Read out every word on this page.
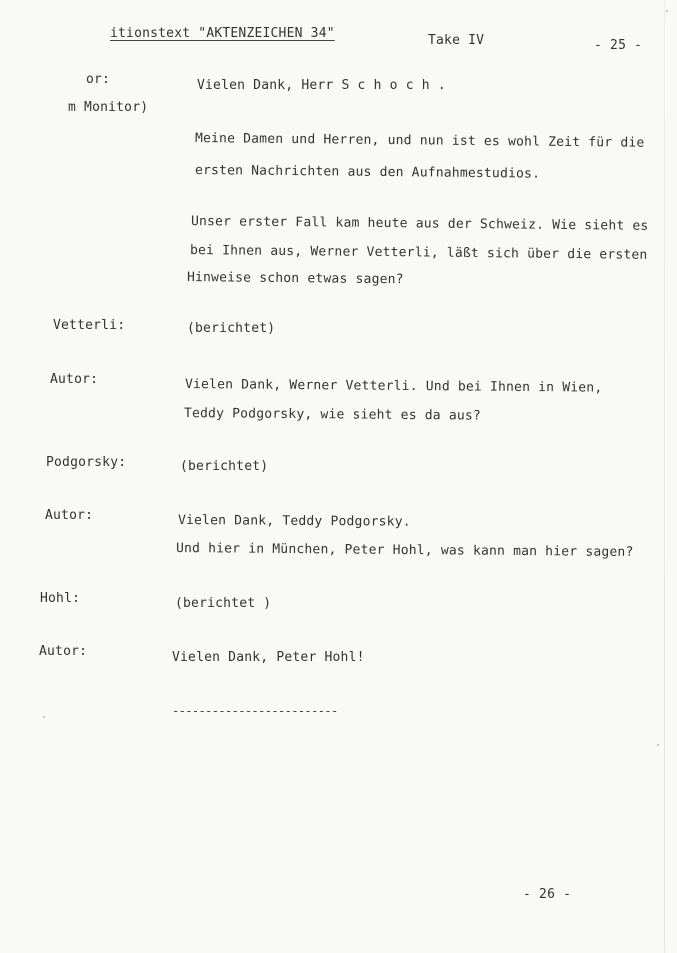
itionstext "AKTENZEICHEN 34"	Take IV	- 25 -
or:	Vielen Dank, Herr S c h o c h .
m Monitor)
Meine Damen und Herren, und nun ist es wohl Zeit für die
ersten Nachrichten aus den Aufnahmestudios.
Unser erster Fall kam heute aus der Schweiz. Wie sieht es
bei Ihnen aus, Werner Vetterli, läßt sich über die ersten
Hinweise schon etwas sagen?
Vetterli:	(berichtet)
Autor:	Vielen Dank, Werner Vetterli. Und bei Ihnen in Wien,
Teddy Podgorsky, wie sieht es da aus?
Podgorsky:	(berichtet)
Autor:	Vielen Dank, Teddy Podgorsky.
Und hier in München, Peter Hohl, was kann man hier sagen?
Hohl:	(berichtet )
Autor:	Vielen Dank, Peter Hohl!
-------------------------
- 26 -
